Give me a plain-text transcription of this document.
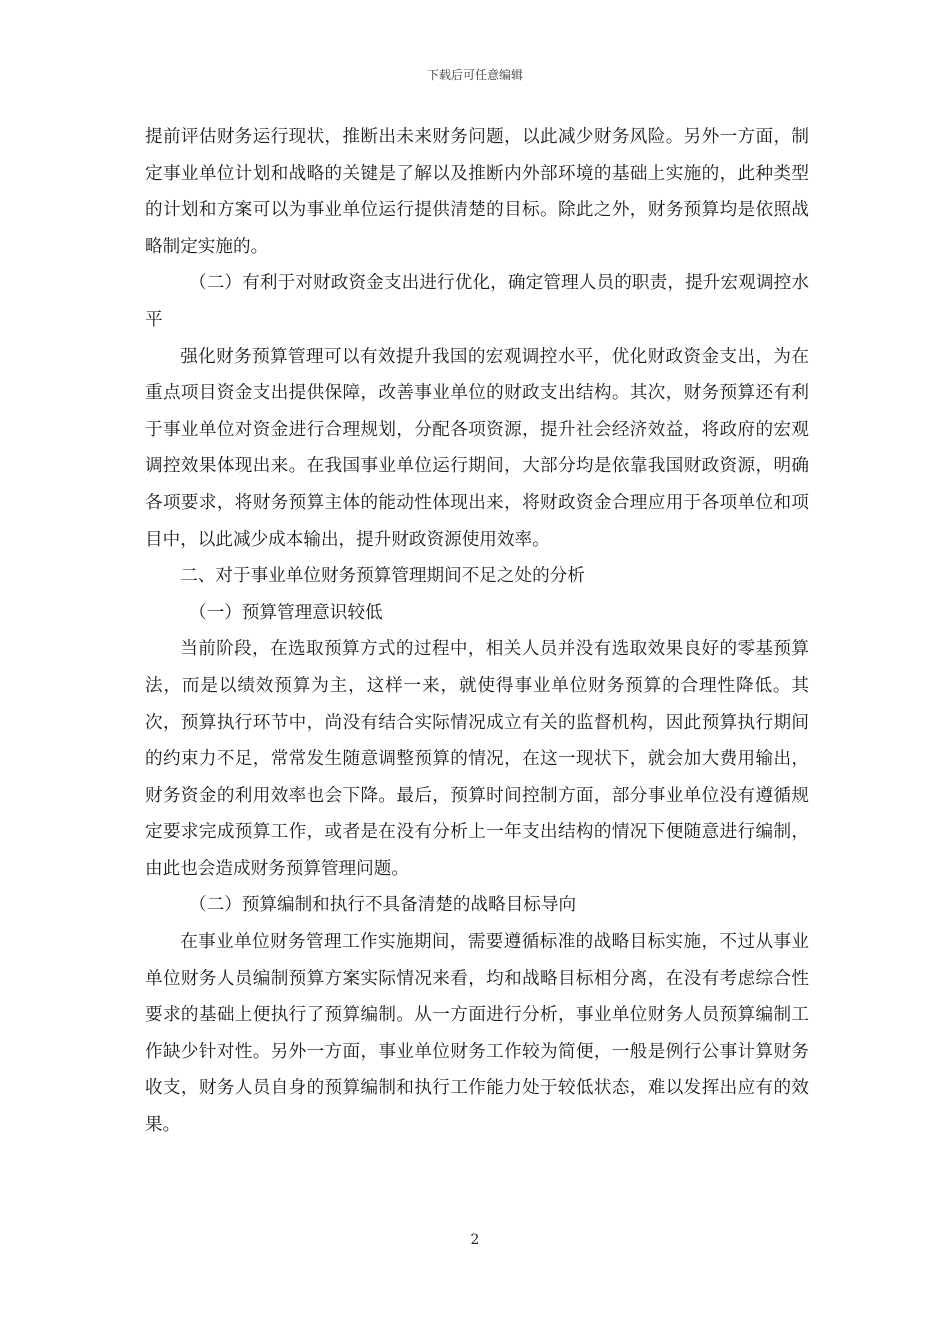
下载后可任意编辑

提前评估财务运行现状，推断出未来财务问题，以此减少财务风险。另外一方面，制定事业单位计划和战略的关键是了解以及推断内外部环境的基础上实施的，此种类型的计划和方案可以为事业单位运行提供清楚的目标。除此之外，财务预算均是依照战略制定实施的。

（二）有利于对财政资金支出进行优化，确定管理人员的职责，提升宏观调控水平

强化财务预算管理可以有效提升我国的宏观调控水平，优化财政资金支出，为在重点项目资金支出提供保障，改善事业单位的财政支出结构。其次，财务预算还有利于事业单位对资金进行合理规划，分配各项资源，提升社会经济效益，将政府的宏观调控效果体现出来。在我国事业单位运行期间，大部分均是依靠我国财政资源，明确各项要求，将财务预算主体的能动性体现出来，将财政资金合理应用于各项单位和项目中，以此减少成本输出，提升财政资源使用效率。

二、对于事业单位财务预算管理期间不足之处的分析

（一）预算管理意识较低

当前阶段，在选取预算方式的过程中，相关人员并没有选取效果良好的零基预算法，而是以绩效预算为主，这样一来，就使得事业单位财务预算的合理性降低。其次，预算执行环节中，尚没有结合实际情况成立有关的监督机构，因此预算执行期间的约束力不足，常常发生随意调整预算的情况，在这一现状下，就会加大费用输出，财务资金的利用效率也会下降。最后，预算时间控制方面，部分事业单位没有遵循规定要求完成预算工作，或者是在没有分析上一年支出结构的情况下便随意进行编制，由此也会造成财务预算管理问题。

（二）预算编制和执行不具备清楚的战略目标导向

在事业单位财务管理工作实施期间，需要遵循标准的战略目标实施，不过从事业单位财务人员编制预算方案实际情况来看，均和战略目标相分离，在没有考虑综合性要求的基础上便执行了预算编制。从一方面进行分析，事业单位财务人员预算编制工作缺少针对性。另外一方面，事业单位财务工作较为简便，一般是例行公事计算财务收支，财务人员自身的预算编制和执行工作能力处于较低状态，难以发挥出应有的效果。

2
